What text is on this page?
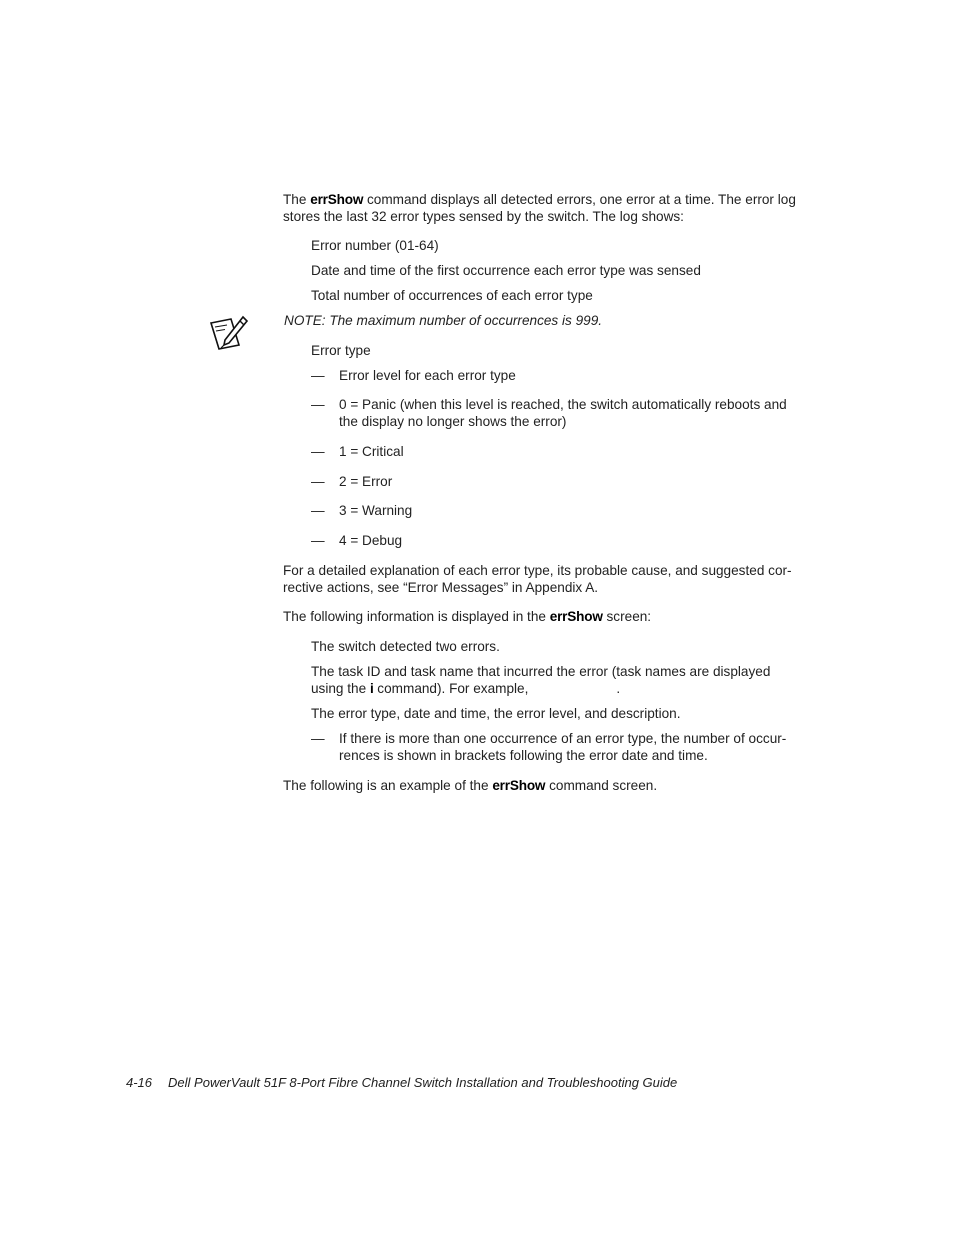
The errShow command displays all detected errors, one error at a time. The error log
stores the last 32 error types sensed by the switch. The log shows:
Error number (01-64)
Date and time of the first occurrence each error type was sensed
Total number of occurrences of each error type
NOTE: The maximum number of occurrences is 999.
Error type
— Error level for each error type
— 0 = Panic (when this level is reached, the switch automatically reboots and
the display no longer shows the error)
— 1 = Critical
— 2 = Error
— 3 = Warning
— 4 = Debug
For a detailed explanation of each error type, its probable cause, and suggested cor-
rective actions, see “Error Messages” in Appendix A.
The following information is displayed in the errShow screen:
The switch detected two errors.
The task ID and task name that incurred the error (task names are displayed
using the i command). For example,	.
The error type, date and time, the error level, and description.
— If there is more than one occurrence of an error type, the number of occur-
rences is shown in brackets following the error date and time.
The following is an example of the errShow command screen.
4-16 Dell PowerVault 51F 8-Port Fibre Channel Switch Installation and Troubleshooting Guide
